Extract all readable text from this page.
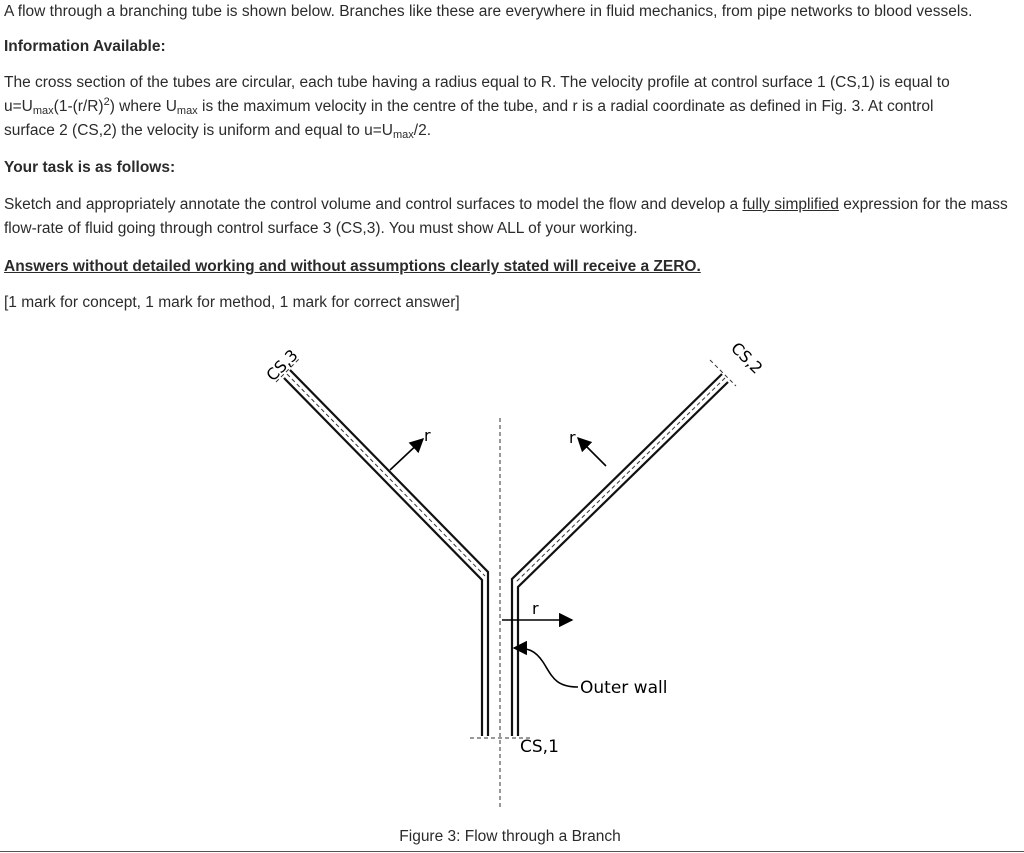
A flow through a branching tube is shown below. Branches like these are everywhere in fluid mechanics, from pipe networks to blood vessels.

Information Available:

The cross section of the tubes are circular, each tube having a radius equal to R. The velocity profile at control surface 1 (CS,1) is equal to

$u=U_{max}(1-(r/R)^2)$ where $U_{max}$ is the maximum velocity in the centre of the tube, and r is a radial coordinate as defined in Fig. 3. At control

surface 2 (CS,2) the velocity is uniform and equal to $u=U_{max}/2$.

Your task is as follows:

Sketch and appropriately annotate the control volume and control surfaces to model the flow and develop a fully simplified expression for the mass flow-rate of fluid going through control surface 3 (CS,3). You must show ALL of your working.

Answers without detailed working and without assumptions clearly stated will receive a ZERO.

[1 mark for concept, 1 mark for method, 1 mark for correct answer]

r	r
r
Outer wall
CS,1
CS,3	CS,2
Figure 3: Flow through a Branch
